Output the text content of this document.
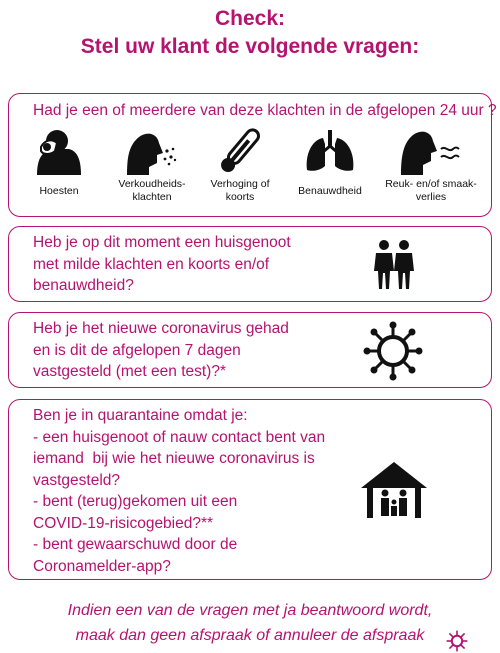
Check:
Stel uw klant de volgende vragen:
Had je een of meerdere van deze klachten in de afgelopen 24 uur ?
Hoesten
Verkoudheids-
klachten
Verhoging of
koorts	Benauwdheid
Reuk- en/of smaak-
verlies
Heb je op dit moment een huisgenoot
met milde klachten en koorts en/of
benauwdheid?
Heb je het nieuwe coronavirus gehad
en is dit de afgelopen 7 dagen
vastgesteld (met een test)?*
Ben je in quarantaine omdat je:
- een huisgenoot of nauw contact bent van
iemand  bij wie het nieuwe coronavirus is
vastgesteld?
- bent (terug)gekomen uit een
COVID-19-risicogebied?**
- bent gewaarschuwd door de
Coronamelder-app?
Indien een van de vragen met ja beantwoord wordt,
maak dan geen afspraak of annuleer de afspraak
